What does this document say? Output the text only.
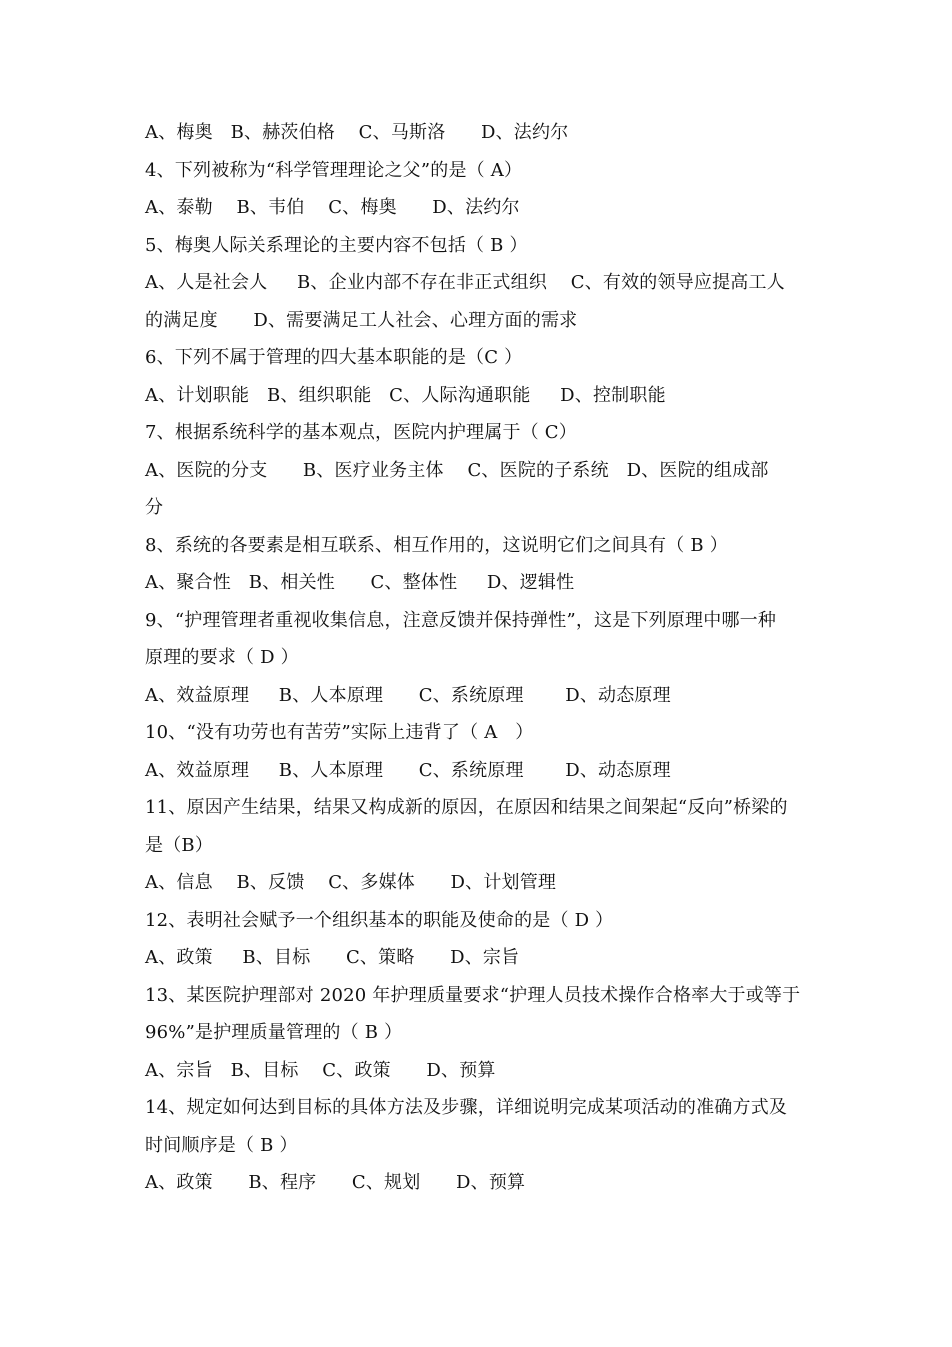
A、梅奥   B、赫茨伯格    C、马斯洛      D、法约尔
4、下列被称为“科学管理理论之父”的是（ A）
A、泰勒    B、韦伯    C、梅奥      D、法约尔
5、梅奥人际关系理论的主要内容不包括（ B ）
A、人是社会人     B、企业内部不存在非正式组织    C、有效的领导应提高工人
的满足度      D、需要满足工人社会、心理方面的需求
6、下列不属于管理的四大基本职能的是（C ）
A、计划职能   B、组织职能   C、人际沟通职能     D、控制职能
7、根据系统科学的基本观点，医院内护理属于（ C）
A、医院的分支      B、医疗业务主体    C、医院的子系统   D、医院的组成部
分
8、系统的各要素是相互联系、相互作用的，这说明它们之间具有（ B ）
A、聚合性   B、相关性      C、整体性     D、逻辑性
9、“护理管理者重视收集信息，注意反馈并保持弹性”，这是下列原理中哪一种
原理的要求（ D ）
A、效益原理     B、人本原理      C、系统原理       D、动态原理
10、“没有功劳也有苦劳”实际上违背了（ A   ）
A、效益原理     B、人本原理      C、系统原理       D、动态原理
11、原因产生结果，结果又构成新的原因，在原因和结果之间架起“反向”桥梁的
是（B）
A、信息    B、反馈    C、多媒体      D、计划管理
12、表明社会赋予一个组织基本的职能及使命的是（ D ）
A、政策     B、目标      C、策略      D、宗旨
13、某医院护理部对 2020 年护理质量要求“护理人员技术操作合格率大于或等于
96%”是护理质量管理的（ B ）
A、宗旨   B、目标    C、政策      D、预算
14、规定如何达到目标的具体方法及步骤，详细说明完成某项活动的准确方式及
时间顺序是（ B ）
A、政策      B、程序      C、规划      D、预算
